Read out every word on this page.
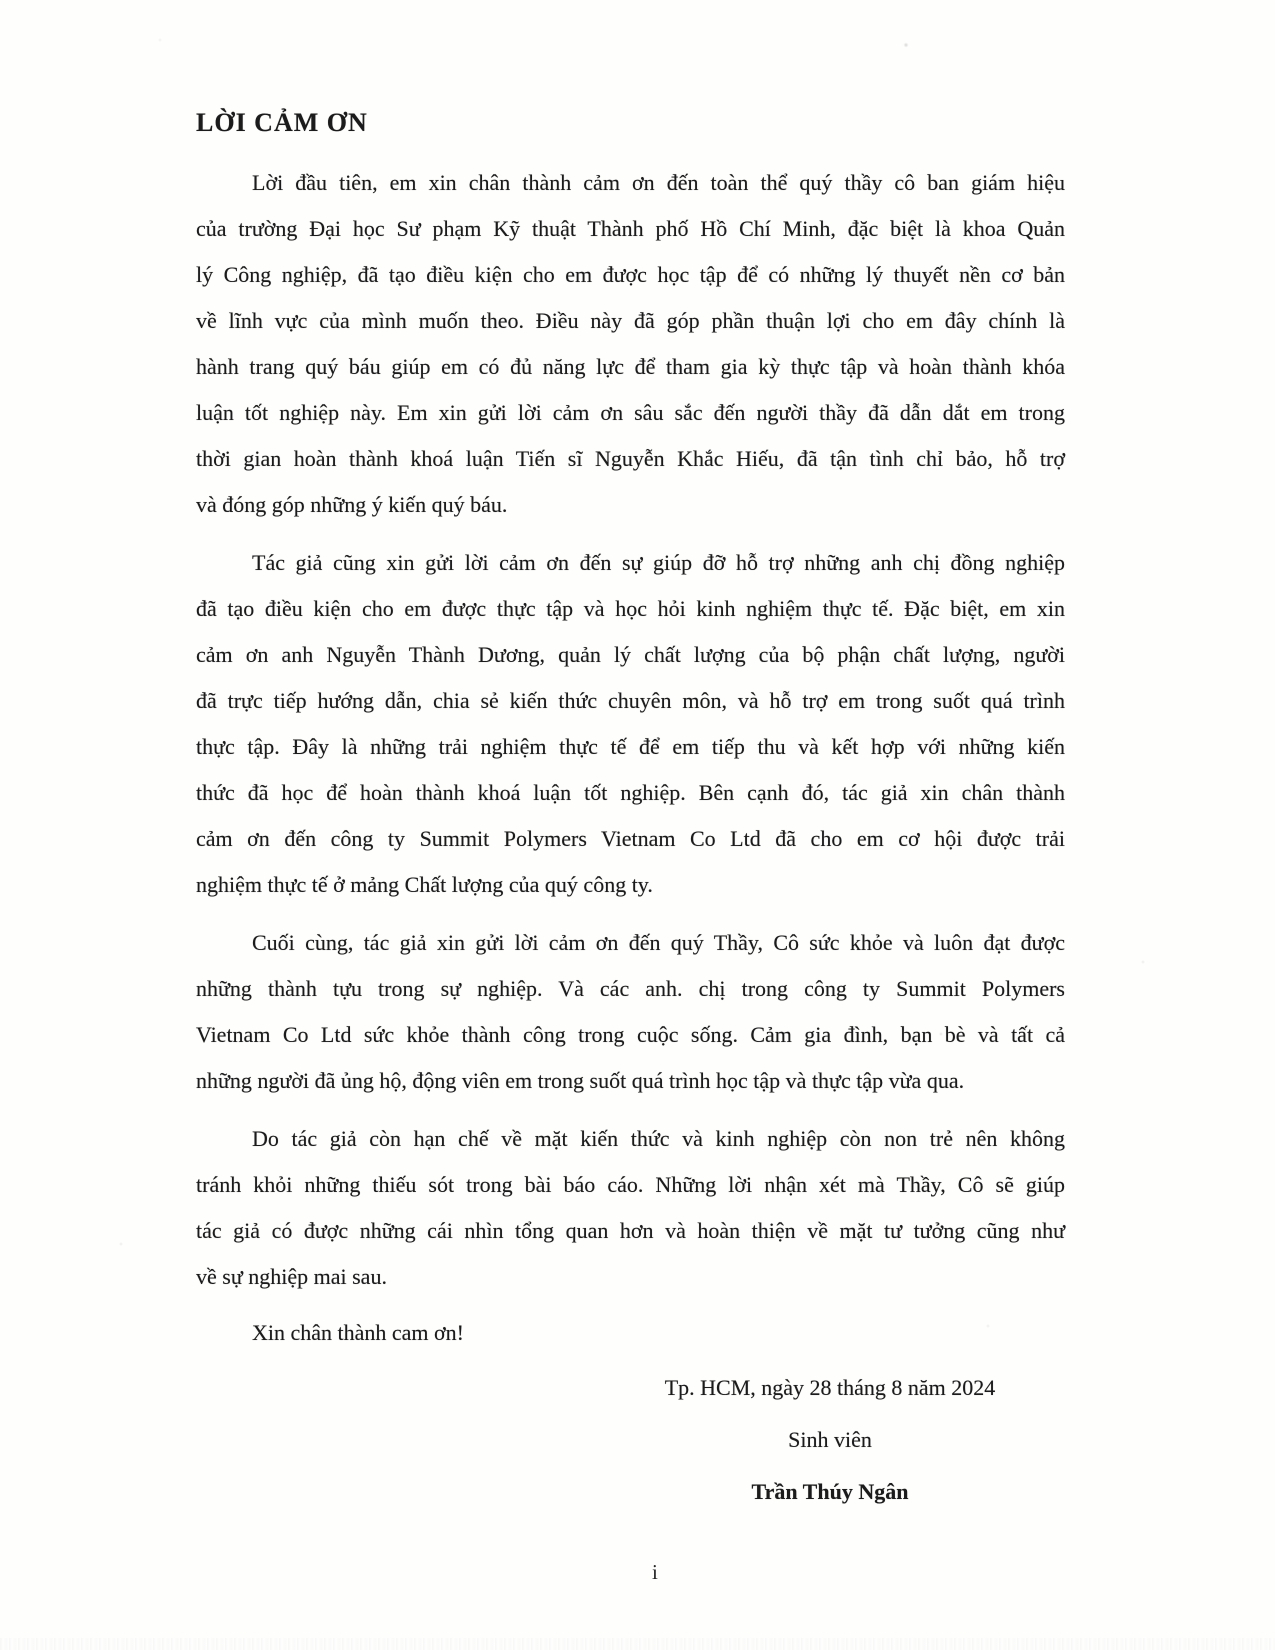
LỜI CẢM ƠN
Lời đầu tiên, em xin chân thành cảm ơn đến toàn thể quý thầy cô ban giám hiệu
của trường Đại học Sư phạm Kỹ thuật Thành phố Hồ Chí Minh, đặc biệt là khoa Quản
lý Công nghiệp, đã tạo điều kiện cho em được học tập để có những lý thuyết nền cơ bản
về lĩnh vực của mình muốn theo. Điều này đã góp phần thuận lợi cho em đây chính là
hành trang quý báu giúp em có đủ năng lực để tham gia kỳ thực tập và hoàn thành khóa
luận tốt nghiệp này. Em xin gửi lời cảm ơn sâu sắc đến người thầy đã dẫn dắt em trong
thời gian hoàn thành khoá luận Tiến sĩ Nguyễn Khắc Hiếu, đã tận tình chỉ bảo, hỗ trợ
và đóng góp những ý kiến quý báu.
Tác giả cũng xin gửi lời cảm ơn đến sự giúp đỡ hỗ trợ những anh chị đồng nghiệp
đã tạo điều kiện cho em được thực tập và học hỏi kinh nghiệm thực tế. Đặc biệt, em xin
cảm ơn anh Nguyễn Thành Dương, quản lý chất lượng của bộ phận chất lượng, người
đã trực tiếp hướng dẫn, chia sẻ kiến thức chuyên môn, và hỗ trợ em trong suốt quá trình
thực tập. Đây là những trải nghiệm thực tế để em tiếp thu và kết hợp với những kiến
thức đã học để hoàn thành khoá luận tốt nghiệp. Bên cạnh đó, tác giả xin chân thành
cảm ơn đến công ty Summit Polymers Vietnam Co Ltd đã cho em cơ hội được trải
nghiệm thực tế ở mảng Chất lượng của quý công ty.
Cuối cùng, tác giả xin gửi lời cảm ơn đến quý Thầy, Cô sức khỏe và luôn đạt được
những thành tựu trong sự nghiệp. Và các anh. chị trong công ty Summit Polymers
Vietnam Co Ltd sức khỏe thành công trong cuộc sống. Cảm gia đình, bạn bè và tất cả
những người đã ủng hộ, động viên em trong suốt quá trình học tập và thực tập vừa qua.
Do tác giả còn hạn chế về mặt kiến thức và kinh nghiệp còn non trẻ nên không
tránh khỏi những thiếu sót trong bài báo cáo. Những lời nhận xét mà Thầy, Cô sẽ giúp
tác giả có được những cái nhìn tổng quan hơn và hoàn thiện về mặt tư tưởng cũng như
về sự nghiệp mai sau.
Xin chân thành cam ơn!
Tp. HCM, ngày 28 tháng 8 năm 2024
Sinh viên
Trần Thúy Ngân
i
